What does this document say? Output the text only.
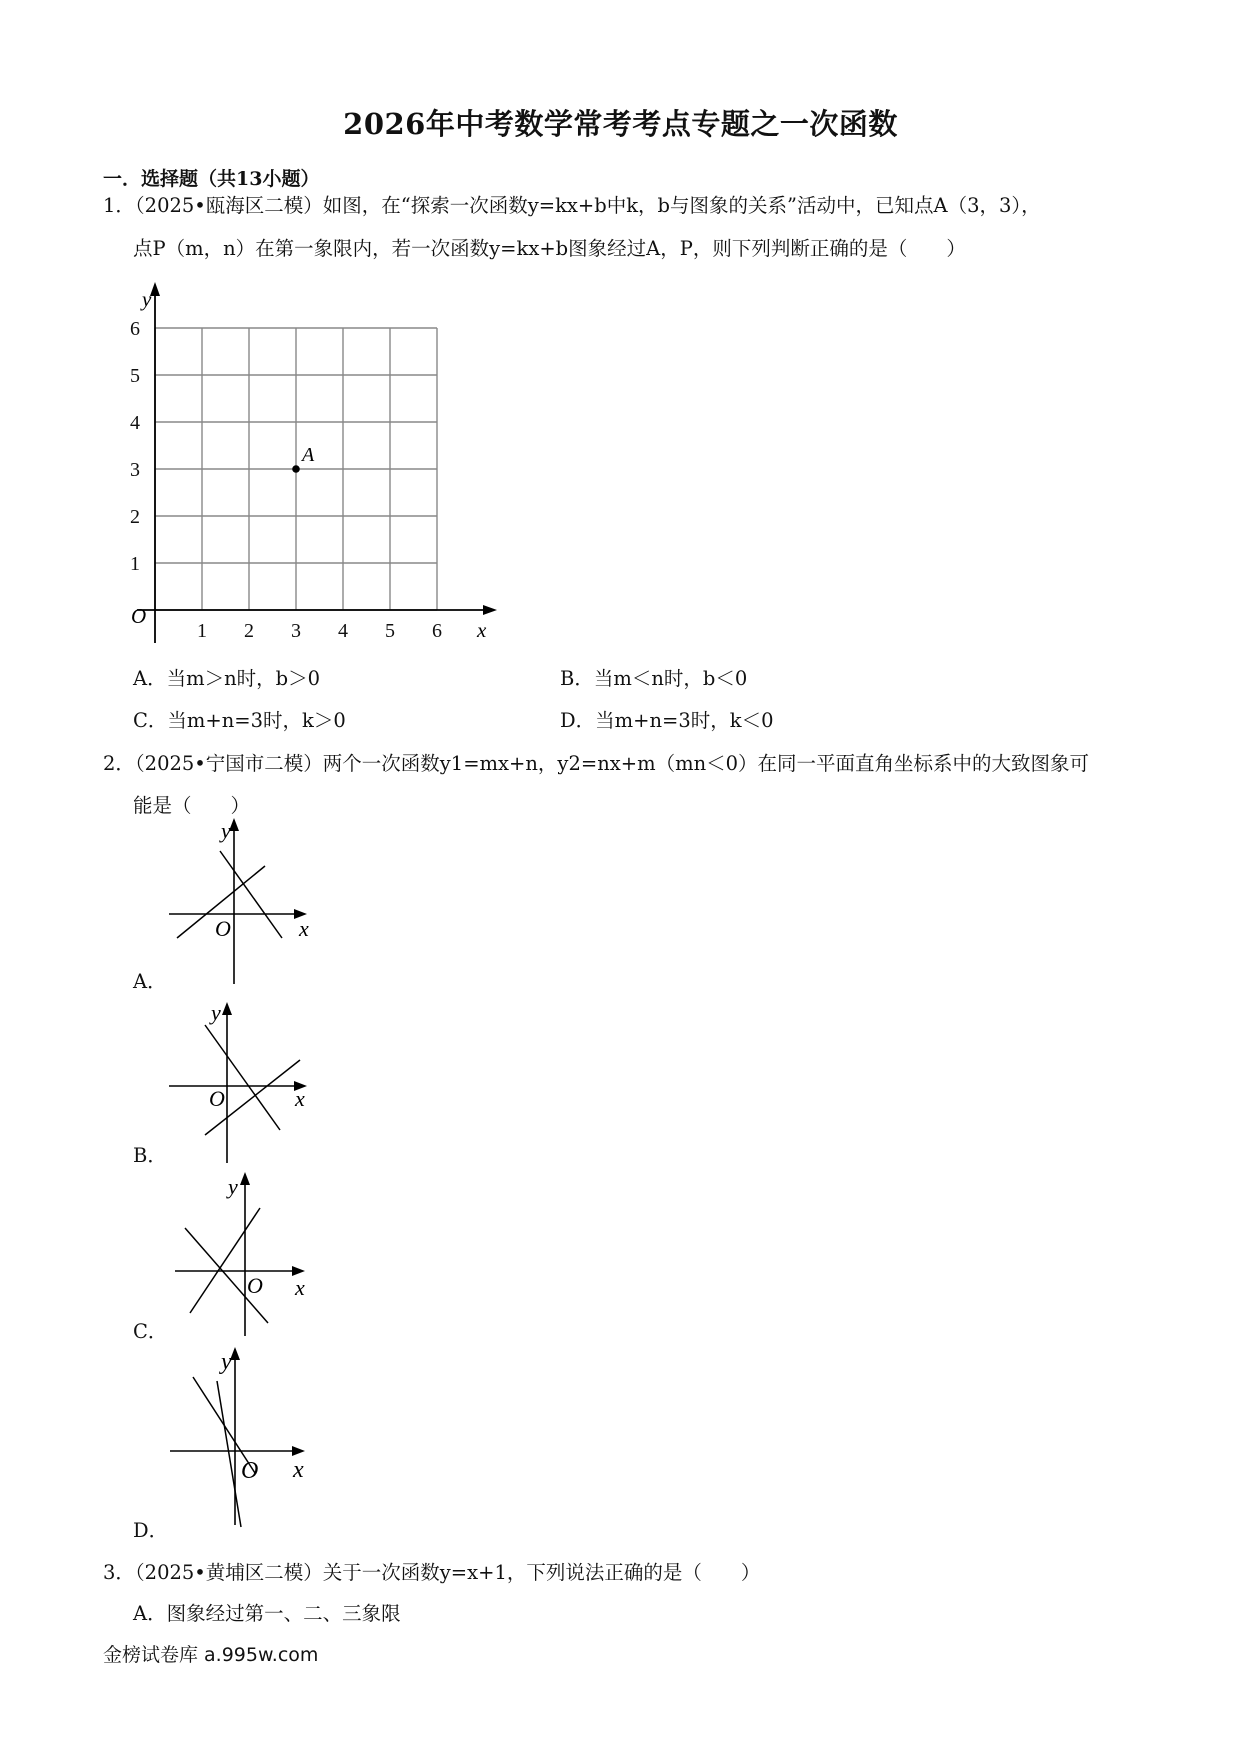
2026年中考数学常考考点专题之一次函数
一．选择题（共13小题）
1．（2025•瓯海区二模）如图，在“探索一次函数y=kx+b中k，b与图象的关系”活动中，已知点A（3，3），
点P（m，n）在第一象限内，若一次函数y=kx+b图象经过A，P，则下列判断正确的是（　　）
1 2 3 4 5 6
1
2
3
4
5
6
y
x
O
A
A．当m＞n时，b＞0	B．当m＜n时，b＜0
C．当m+n=3时，k＞0	D．当m+n=3时，k＜0
2．（2025•宁国市二模）两个一次函数y1=mx+n，y2=nx+m（mn＜0）在同一平面直角坐标系中的大致图象可
能是（　　）
y
x
O
A．
y
x
O
B．
y
x
O
C．
y
x
O
D．
3．（2025•黄埔区二模）关于一次函数y=x+1，下列说法正确的是（　　）
A．图象经过第一、二、三象限
金榜试卷库 a.995w.com
